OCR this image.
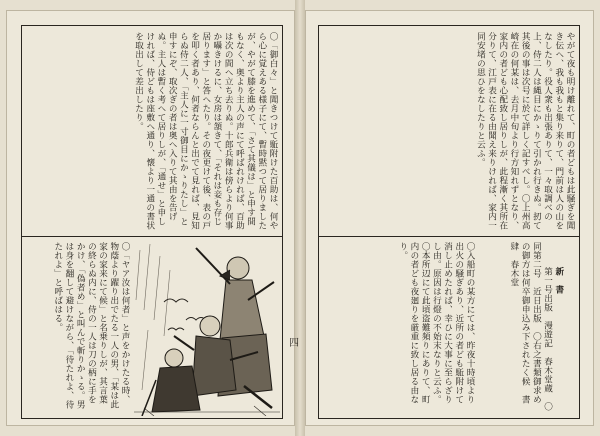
〇「御白々」と聞きつけて駈附けた百助は、何やら心に覚えある様子にて、暫時黙つて居りましたが、やがて膝を進めて、「さて其儀は」と申す間もなく、奥より主人の声にて呼ばれければ、百助は次の間へ立ち去りぬ。十郎兵衛は傍らより何事か囁きけるに、女房は頷きて、「それは妾も存じ居ります」と答へたり。その夜更けて後、表の戸を叩く者あり、何者ならんと出でて見れば、見知らぬ侍二人、「主人に一寸御目にかゝりたし」と申すにぞ、取次ぎの者は奥へ入りて其由を告げぬ。主人は暫く考へて居りしが、「通せ」と申しければ、侍どもは座敷へ通り、懐より一通の書状を取出して差出したり。
〇「ヤア汝は何者」と声をかけたる時、物蔭より躍り出でたる一人の男、「某は此家の家来にて候」と名乗りしが、其言葉の終らぬ内に、侍の一人は刀の柄に手をかけ、「偽者め」と叫んで斬りかゝる。男は身を翻して避けながら、「待たれよ、待たれよ」と呼ばはる。
四
やがて夜も明け離れて、町の者どもは此騒ぎを聞き伝へ、我も我もと集り来りて、門前は人の山をなしたり。役人衆も出張ありて、一々取調べの上、侍二人は縄目にかゝりて引かれ行きぬ。扨て其後の事は次号に於て詳しく記すべし。〇上州高崎在の何某は、去月中旬より行方知れずとなり、家内の者ども心配致し居りしが、此程漸く其所在分りて、江戸表に在る由聞え来りければ、家内一同安堵の思ひをなしたりと云ふ。
〇入船町の某方にては、昨夜十時頃より出火の騒ぎあり、近所の者ども駈附けて消し止めたれば、幸ひに大事に至らざりし由。原因は行燈の不始末なりと云ふ。〇本所辺にて此頃盗難頻りにありて、町内の者ども夜廻りを厳重に致し居る由なり。

新　書
第一号出版　漫遊記　春木堂蔵　〇同第二号　近日出版　〇右之書類御求めの御方は何卒御申込み下されたく候　書肆　春木堂
